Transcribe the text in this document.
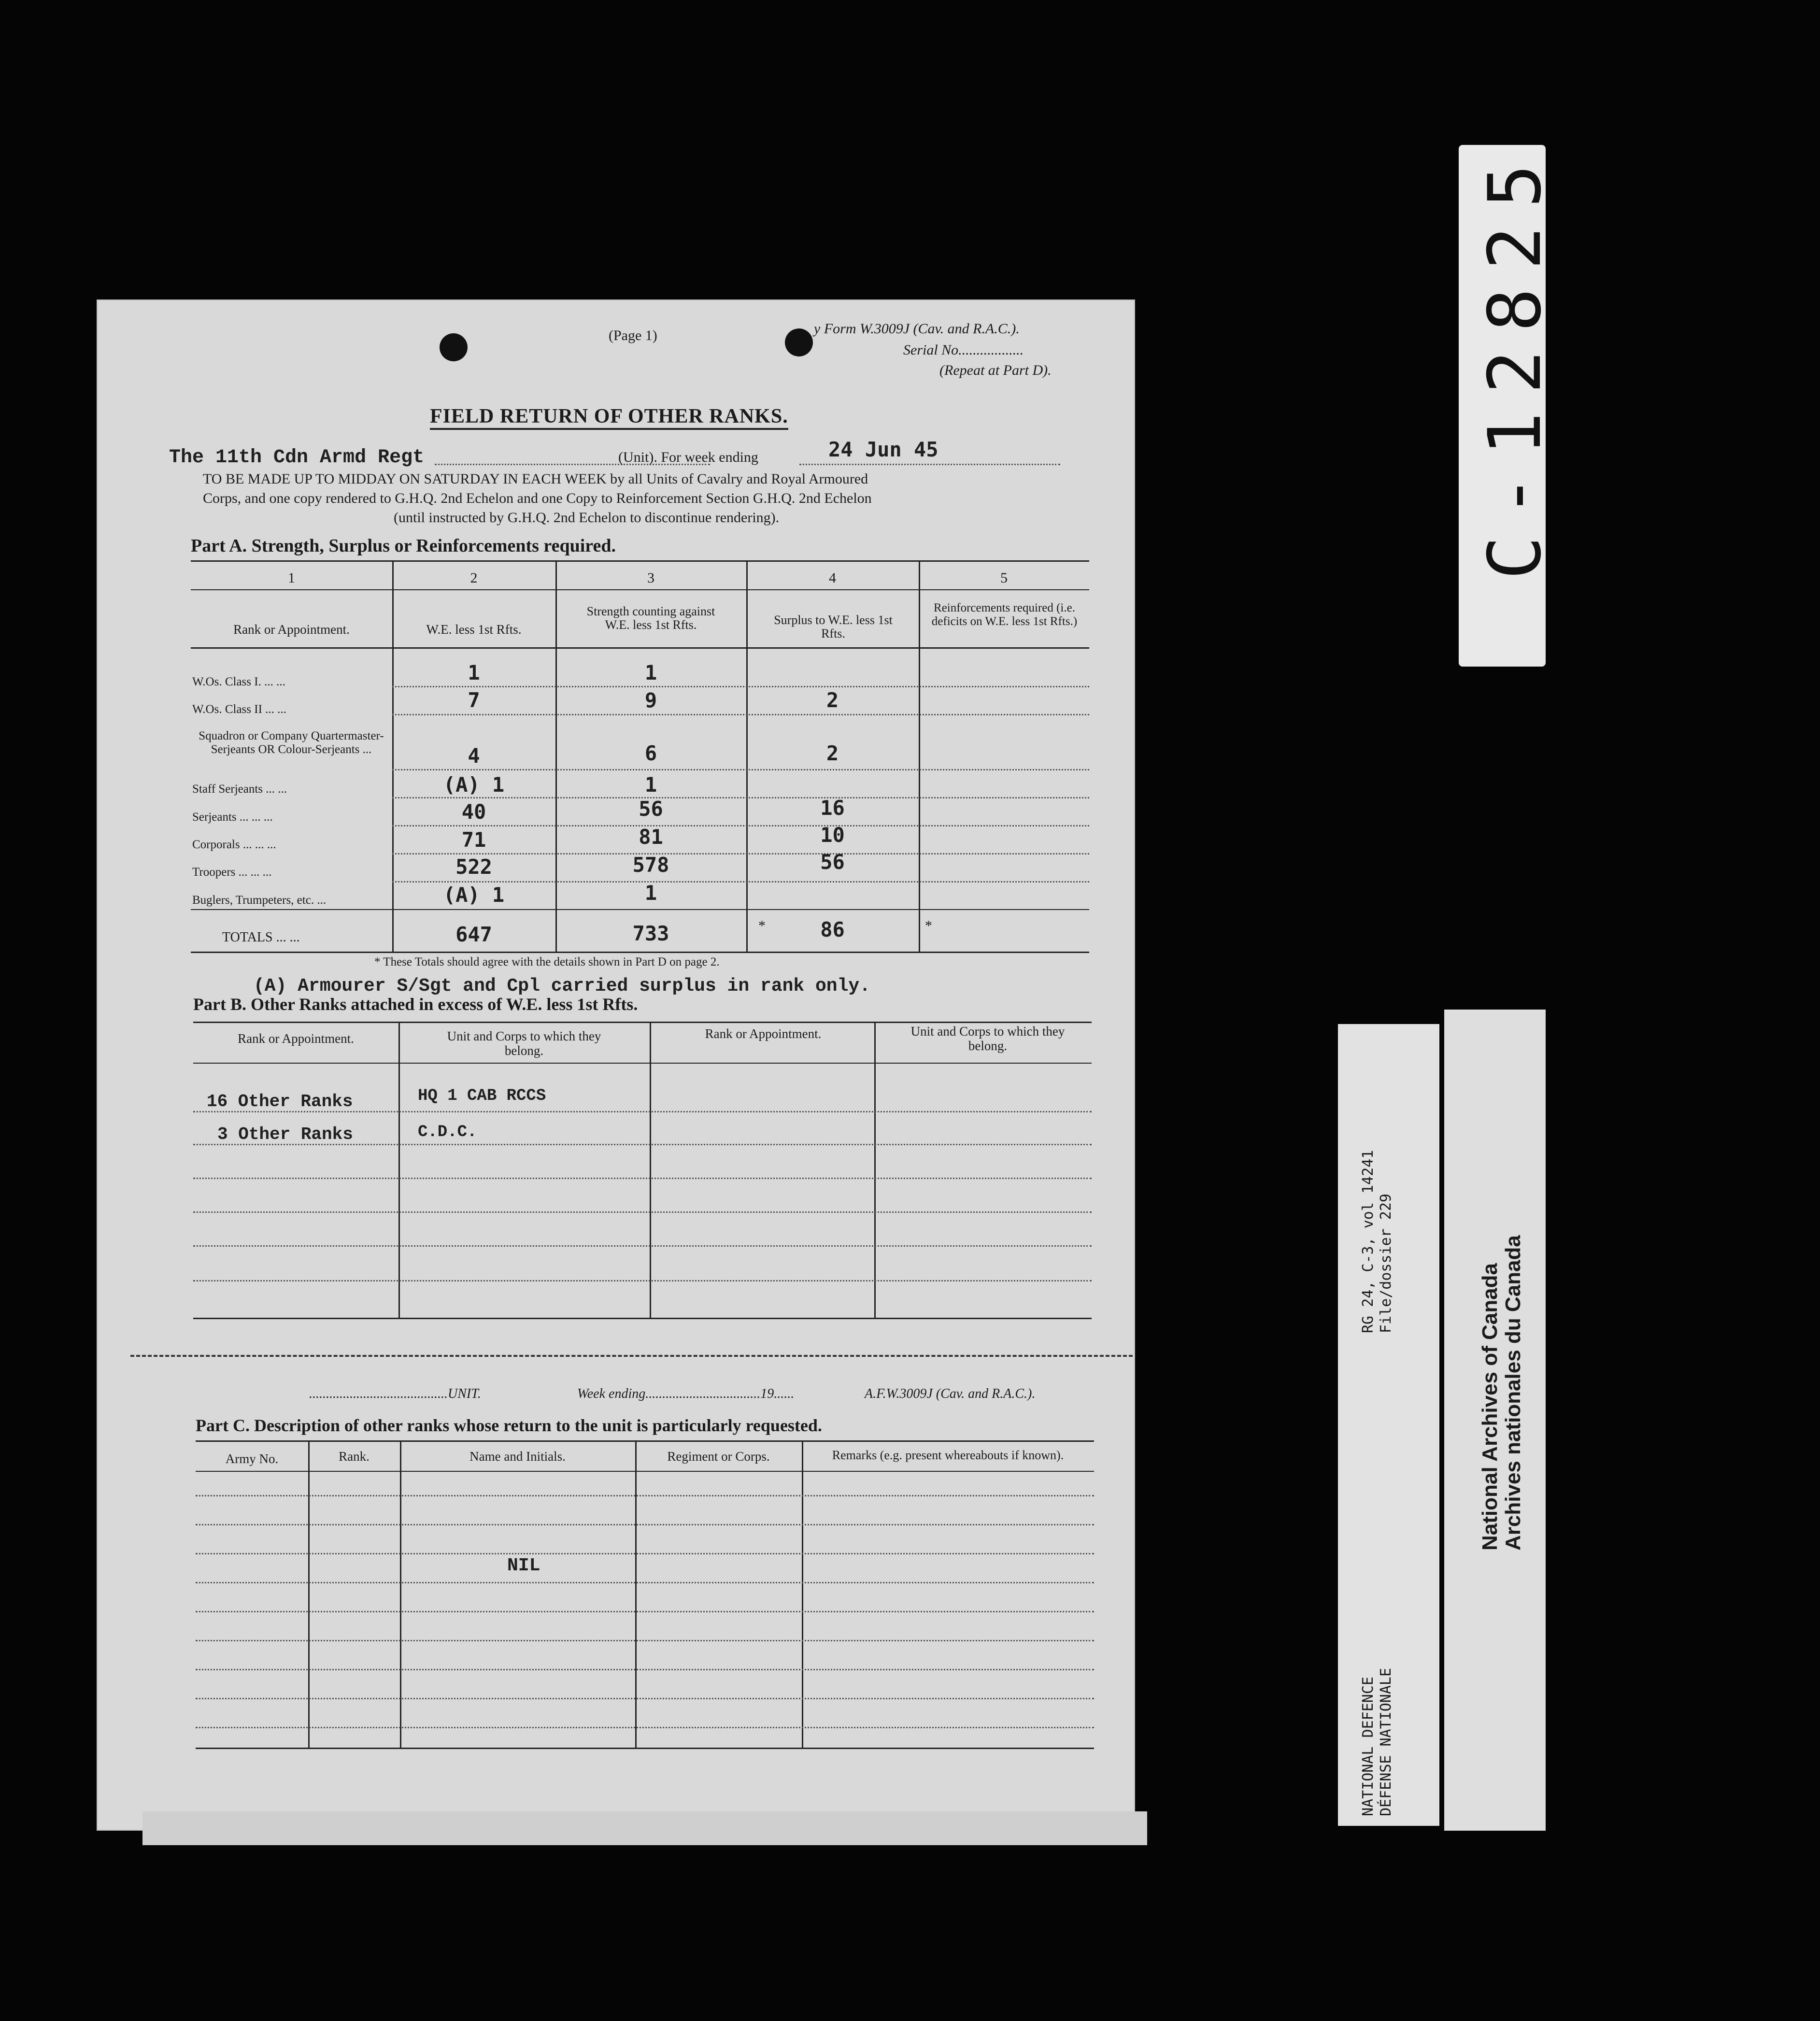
(Page 1)	y Form W.3009J (Cav. and R.A.C.).
Serial No..................
(Repeat at Part D).
FIELD RETURN OF OTHER RANKS.
The 11th Cdn Armd Regt	(Unit). For week ending	24 Jun 45
TO BE MADE UP TO MIDDAY ON SATURDAY IN EACH WEEK by all Units of Cavalry and Royal Armoured
Corps, and one copy rendered to G.H.Q. 2nd Echelon and one Copy to Reinforcement Section G.H.Q. 2nd Echelon
(until instructed by G.H.Q. 2nd Echelon to discontinue rendering).
Part A. Strength, Surplus or Reinforcements required.
1	2	3	4	5
Rank or Appointment.	W.E. less 1st Rfts.
Strength counting against W.E. less 1st Rfts.	Surplus to W.E. less 1st Rfts.
Reinforcements required (i.e. deficits on W.E. less 1st Rfts.)
W.Os. Class I. ... ...	1	1
W.Os. Class II ... ...	7	9	2
Squadron or Company Quartermaster-Serjeants OR Colour-Serjeants ...	4	6	2
Staff Serjeants ... ...	(A) 1	1
Serjeants ... ... ...	40	56	16
Corporals ... ... ...	71	81	10
Troopers ... ... ...	522	578	56
Buglers, Trumpeters, etc. ...	(A) 1	1
TOTALS ... ...	647	733	*	86	*
* These Totals should agree with the details shown in Part D on page 2.
(A) Armourer S/Sgt and Cpl carried surplus in rank only.
Part B. Other Ranks attached in excess of W.E. less 1st Rfts.
Rank or Appointment.	Unit and Corps to which they belong.
Rank or Appointment.	Unit and Corps to which they belong.
16 Other Ranks	HQ 1 CAB RCCS
3 Other Ranks	C.D.C.
.........................................UNIT.	Week ending..................................19......	A.F.W.3009J (Cav. and R.A.C.).
Part C. Description of other ranks whose return to the unit is particularly requested.
Army No.	Rank.	Name and Initials.	Regiment or Corps.	Remarks (e.g. present whereabouts if known).
NIL
C-12825
RG 24, C-3, vol 14241 File/dossier 229
NATIONAL DEFENCE DÉFENSE NATIONALE
National Archives of Canada Archives nationales du Canada
